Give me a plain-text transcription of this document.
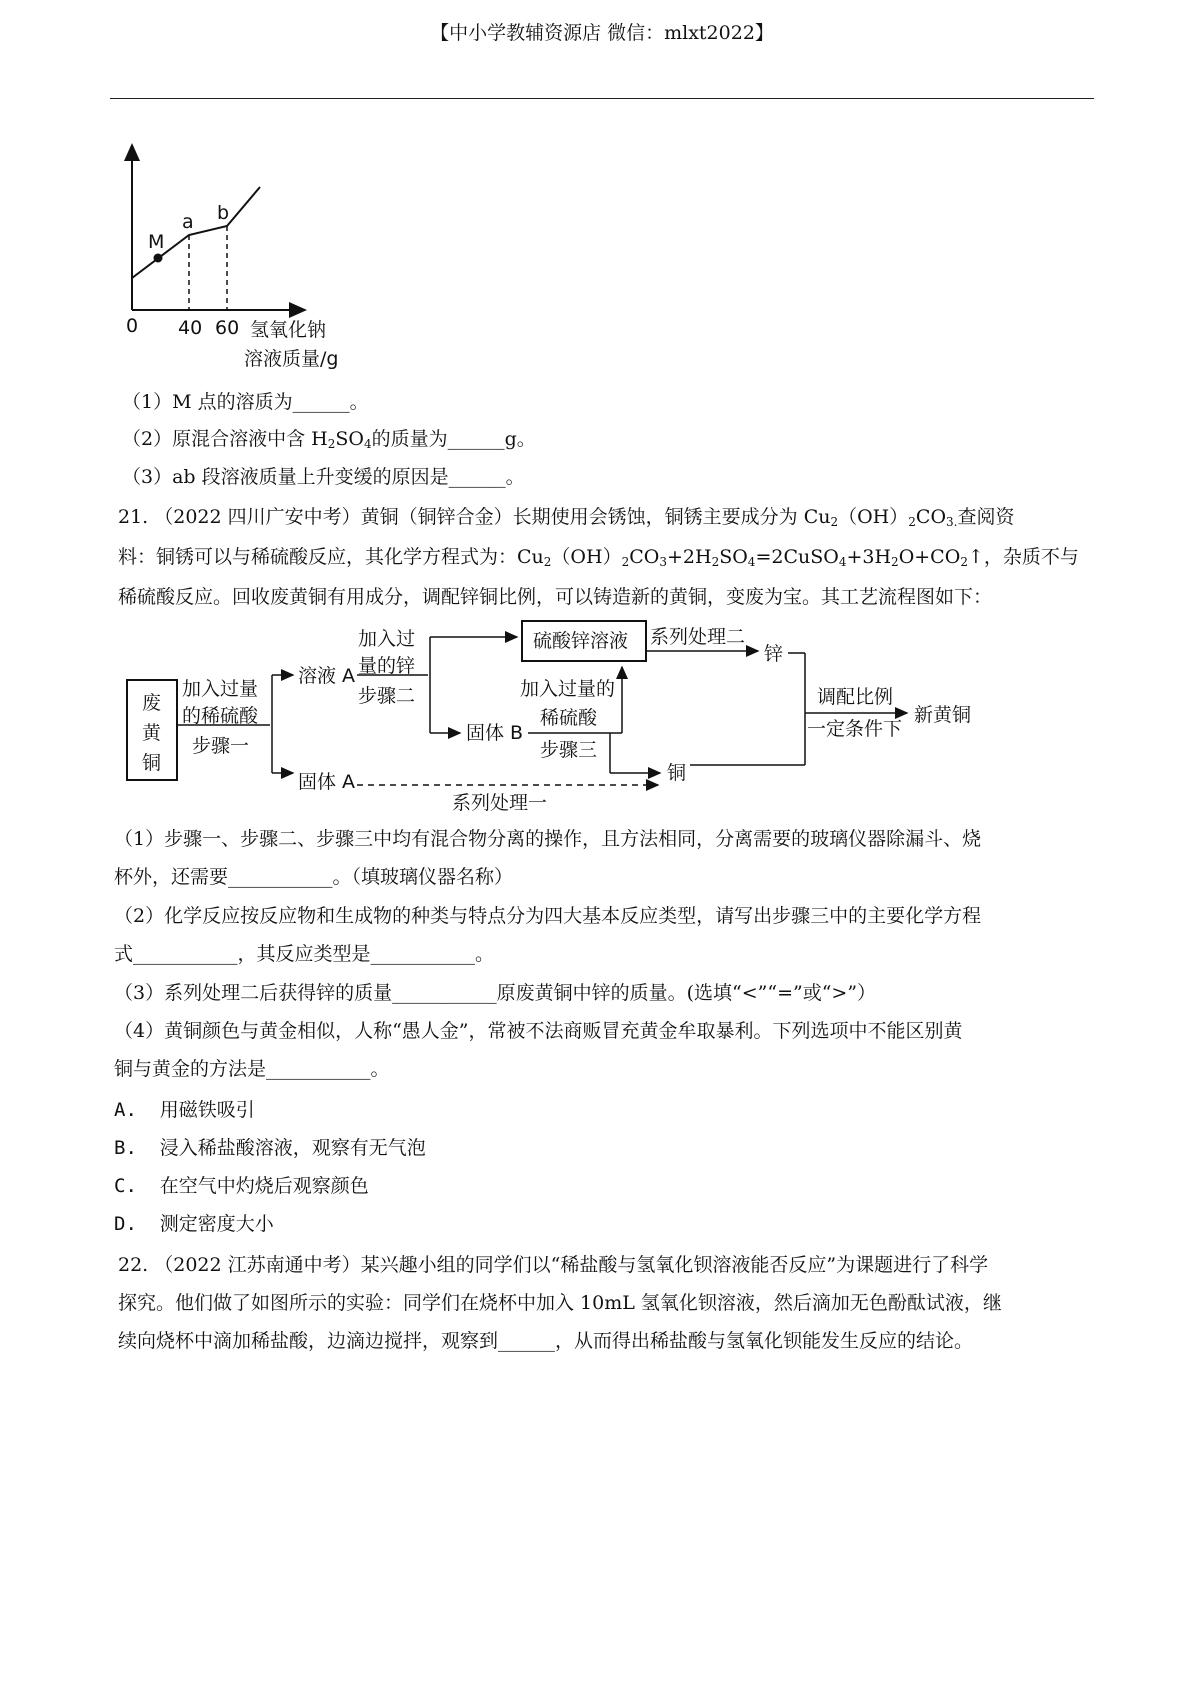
【中小学教辅资源店 微信：mlxt2022】
M
a b
0 40 60 氢氧化钠
溶液质量/g
（1）M 点的溶质为______。
（2）原混合溶液中含 $H_2SO_4$的质量为______g。
（3）ab 段溶液质量上升变缓的原因是______。
21. （2022 四川广安中考）黄铜（铜锌合金）长期使用会锈蚀，铜锈主要成分为 $Cu_2(OH)_2CO_{3.}$查阅资
料：铜锈可以与稀硫酸反应，其化学方程式为：$Cu_2(OH)_2CO_3+2H_2SO_4=2CuSO_4+3H_2O+CO_2↑$，杂质不与
稀硫酸反应。回收废黄铜有用成分，调配锌铜比例，可以铸造新的黄铜，变废为宝。其工艺流程图如下：
废
黄
铜
加入过量
的稀硫酸
步骤一
溶液 A
固体 A
加入过
量的锌
步骤二
硫酸锌溶液 系列处理二
锌
固体 B
加入过量的
稀硫酸
步骤三
铜
系列处理一
调配比例
一定条件下
新黄铜
（1）步骤一、步骤二、步骤三中均有混合物分离的操作，且方法相同，分离需要的玻璃仪器除漏斗、烧
杯外，还需要___________。（填玻璃仪器名称）
（2）化学反应按反应物和生成物的种类与特点分为四大基本反应类型，请写出步骤三中的主要化学方程
式___________，其反应类型是___________。
（3）系列处理二后获得锌的质量___________原废黄铜中锌的质量。(选填“<”“=”或“>”）
（4）黄铜颜色与黄金相似，人称“愚人金”，常被不法商贩冒充黄金牟取暴利。下列选项中不能区别黄
铜与黄金的方法是___________。
A. 用磁铁吸引
B. 浸入稀盐酸溶液，观察有无气泡
C. 在空气中灼烧后观察颜色
D. 测定密度大小
22. （2022 江苏南通中考）某兴趣小组的同学们以“稀盐酸与氢氧化钡溶液能否反应”为课题进行了科学
探究。他们做了如图所示的实验：同学们在烧杯中加入 10mL 氢氧化钡溶液，然后滴加无色酚酞试液，继
续向烧杯中滴加稀盐酸，边滴边搅拌，观察到______，从而得出稀盐酸与氢氧化钡能发生反应的结论。
